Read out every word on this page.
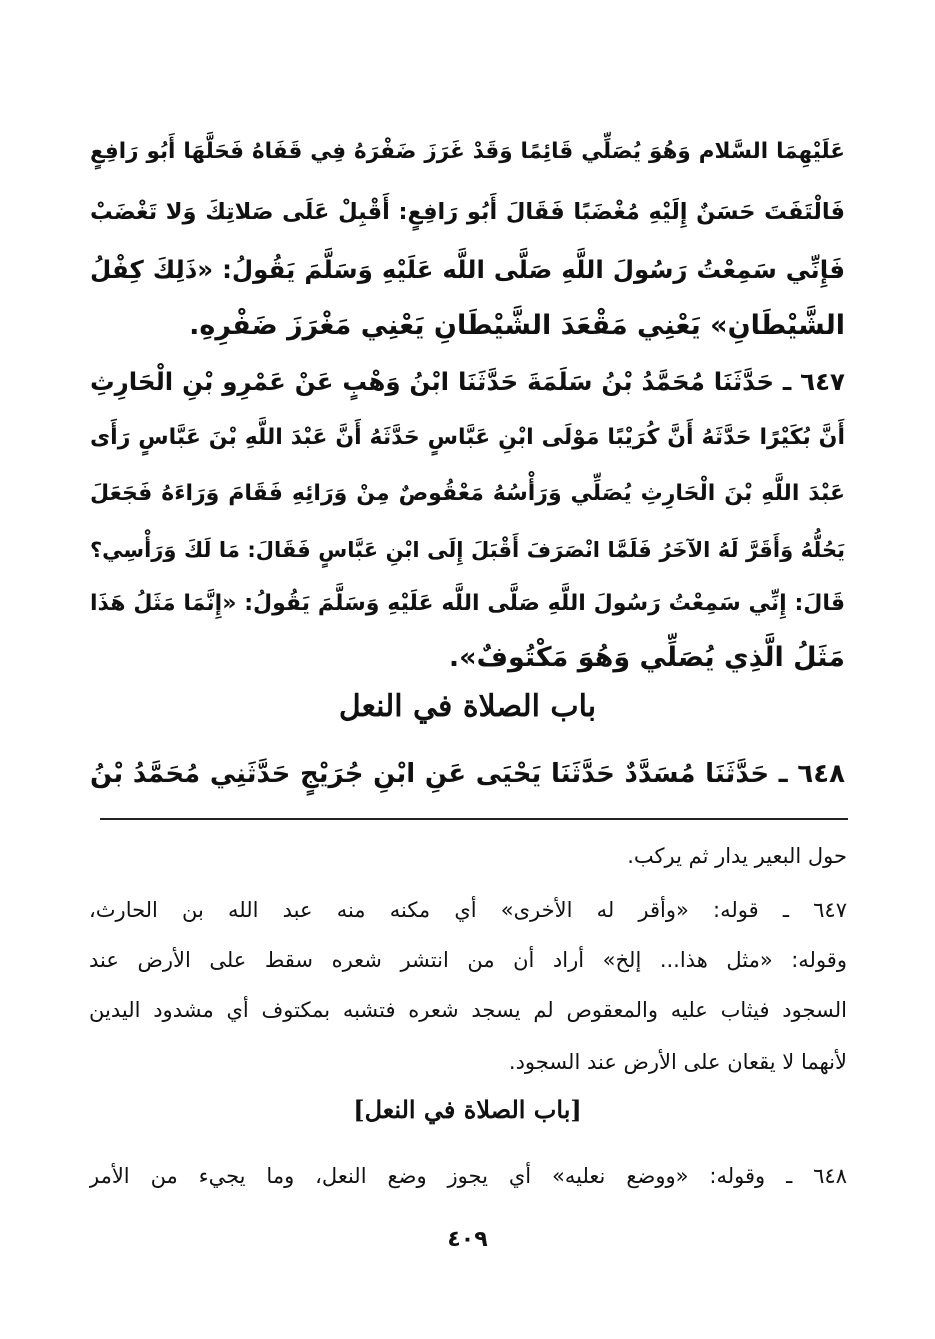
عَلَيْهِمَا السَّلام وَهُوَ يُصَلِّي قَائِمًا وَقَدْ غَرَزَ ضَفْرَهُ فِي قَفَاهُ فَحَلَّهَا أَبُو رَافِعٍ

فَالْتَفَتَ حَسَنٌ إِلَيْهِ مُغْضَبًا فَقَالَ أَبُو رَافِعٍ: أَقْبِلْ عَلَى صَلاتِكَ وَلا تَغْضَبْ

فَإِنِّي سَمِعْتُ رَسُولَ اللَّهِ صَلَّى اللَّه عَلَيْهِ وَسَلَّمَ يَقُولُ: «ذَلِكَ كِفْلُ

الشَّيْطَانِ» يَعْنِي مَقْعَدَ الشَّيْطَانِ يَعْنِي مَغْرَزَ ضَفْرِهِ.

٦٤٧ ـ حَدَّثَنَا مُحَمَّدُ بْنُ سَلَمَةَ حَدَّثَنَا ابْنُ وَهْبٍ عَنْ عَمْرِو بْنِ الْحَارِثِ

أَنَّ بُكَيْرًا حَدَّثَهُ أَنَّ كُرَيْبًا مَوْلَى ابْنِ عَبَّاسٍ حَدَّثَهُ أَنَّ عَبْدَ اللَّهِ بْنَ عَبَّاسٍ رَأَى

عَبْدَ اللَّهِ بْنَ الْحَارِثِ يُصَلِّي وَرَأْسُهُ مَعْقُوصٌ مِنْ وَرَائِهِ فَقَامَ وَرَاءَهُ فَجَعَلَ

يَحُلُّهُ وَأَقَرَّ لَهُ الآخَرُ فَلَمَّا انْصَرَفَ أَقْبَلَ إِلَى ابْنِ عَبَّاسٍ فَقَالَ: مَا لَكَ وَرَأْسِي؟

قَالَ: إِنِّي سَمِعْتُ رَسُولَ اللَّهِ صَلَّى اللَّه عَلَيْهِ وَسَلَّمَ يَقُولُ: «إِنَّمَا مَثَلُ هَذَا

مَثَلُ الَّذِي يُصَلِّي وَهُوَ مَكْتُوفٌ».

باب الصلاة في النعل

٦٤٨ ـ حَدَّثَنَا مُسَدَّدٌ حَدَّثَنَا يَحْيَى عَنِ ابْنِ جُرَيْجٍ حَدَّثَنِي مُحَمَّدُ بْنُ

حول البعير يدار ثم يركب.

٦٤٧ ـ قوله: «وأقر له الأخرى» أي مكنه منه عبد الله بن الحارث،

وقوله: «مثل هذا... إلخ» أراد أن من انتشر شعره سقط على الأرض عند

السجود فيثاب عليه والمعقوص لم يسجد شعره فتشبه بمكتوف أي مشدود اليدين

لأنهما لا يقعان على الأرض عند السجود.

[باب الصلاة في النعل]

٦٤٨ ـ وقوله: «ووضع نعليه» أي يجوز وضع النعل، وما يجيء من الأمر

٤٠٩
